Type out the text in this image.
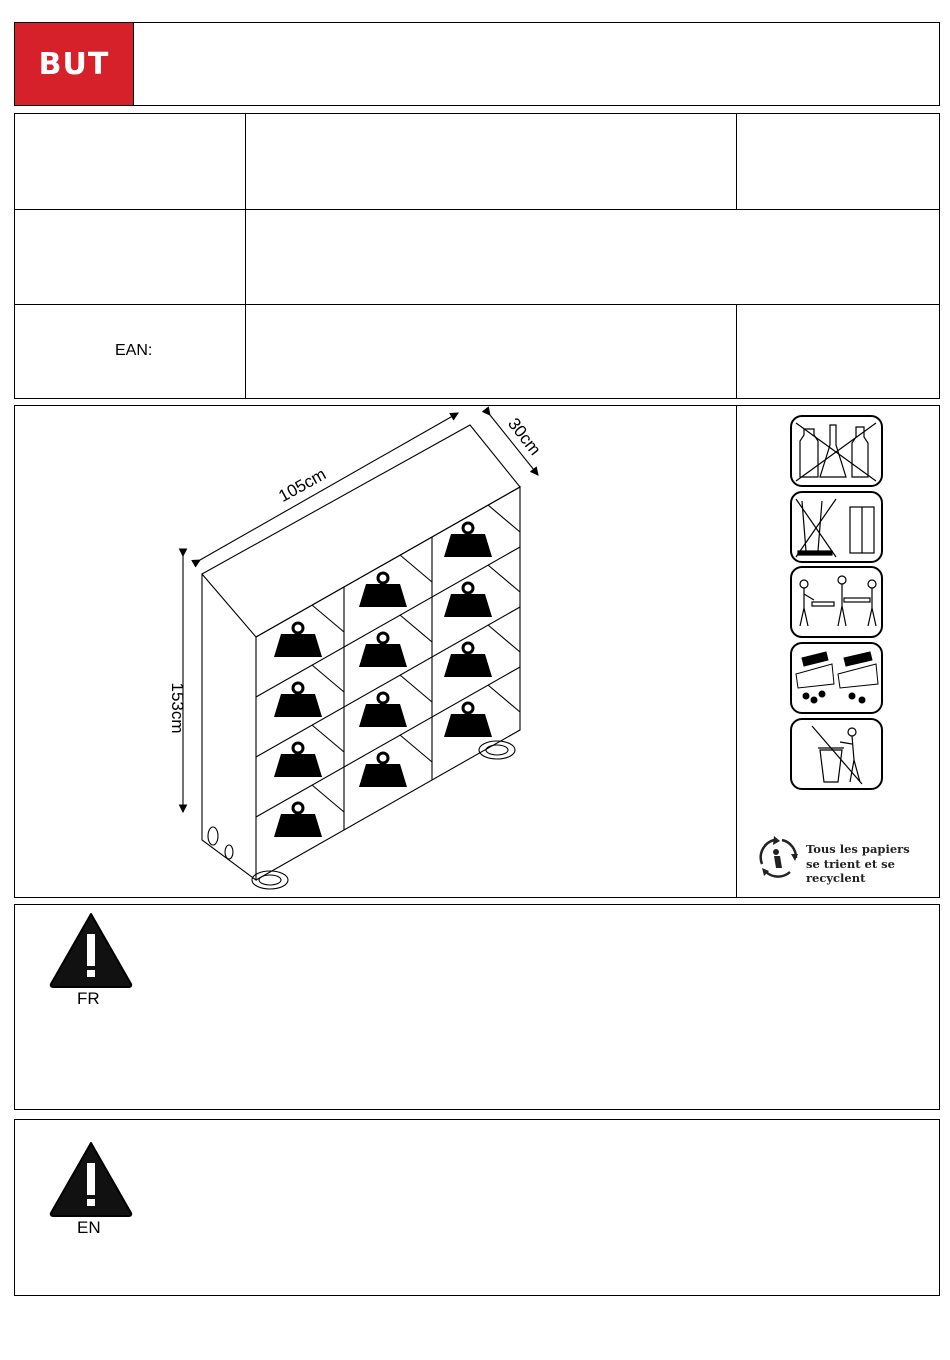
BUT
EAN:
105cm
30cm
153cm
Tous les papiers
se trient et se recyclent
FR
EN
